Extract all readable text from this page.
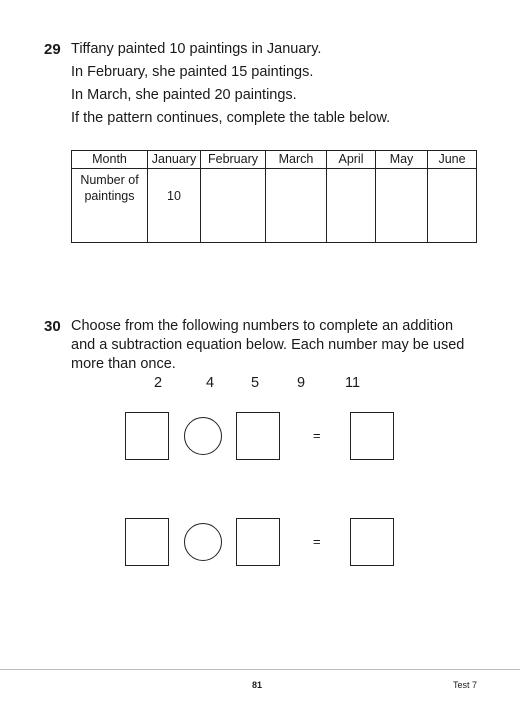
29 Tiffany painted 10 paintings in January.
In February, she painted 15 paintings.
In March, she painted 20 paintings.
If the pattern continues, complete the table below.
Month	January	February	March	April	May	June
Number of paintings	10					
30 Choose from the following numbers to complete an addition
and a subtraction equation below. Each number may be used
more than once.
2	4	5	9	11
=
=
81	Test 7
